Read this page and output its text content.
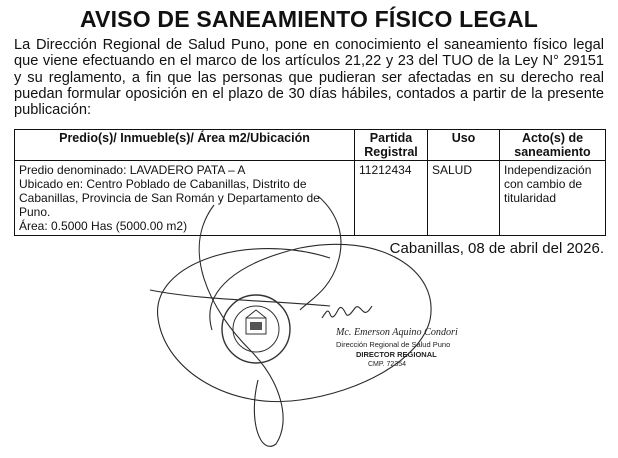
AVISO DE SANEAMIENTO FÍSICO LEGAL
La Dirección Regional de Salud Puno, pone en conocimiento el saneamiento físico legal que viene efectuando en el marco de los artículos 21,22 y 23 del TUO de la Ley N° 29151 y su reglamento, a fin que las personas que pudieran ser afectadas en su derecho real puedan formular oposición en el plazo de 30 días hábiles, contados a partir de la presente publicación:
Predio(s)/ Inmueble(s)/ Área m2/Ubicación	Partida Registral	Uso	Acto(s) de saneamiento

Predio denominado: LAVADERO PATA – A
Ubicado en: Centro Poblado de Cabanillas, Distrito de Cabanillas, Provincia de San Román y Departamento de Puno.
Área: 0.5000 Has (5000.00 m2)	11212434	SALUD	Independización con cambio de titularidad
Cabanillas, 08 de abril del 2026.
Mc. Emerson Aquino Condori
Dirección Regional de Salud Puno
DIRECTOR REGIONAL
CMP. 72354
